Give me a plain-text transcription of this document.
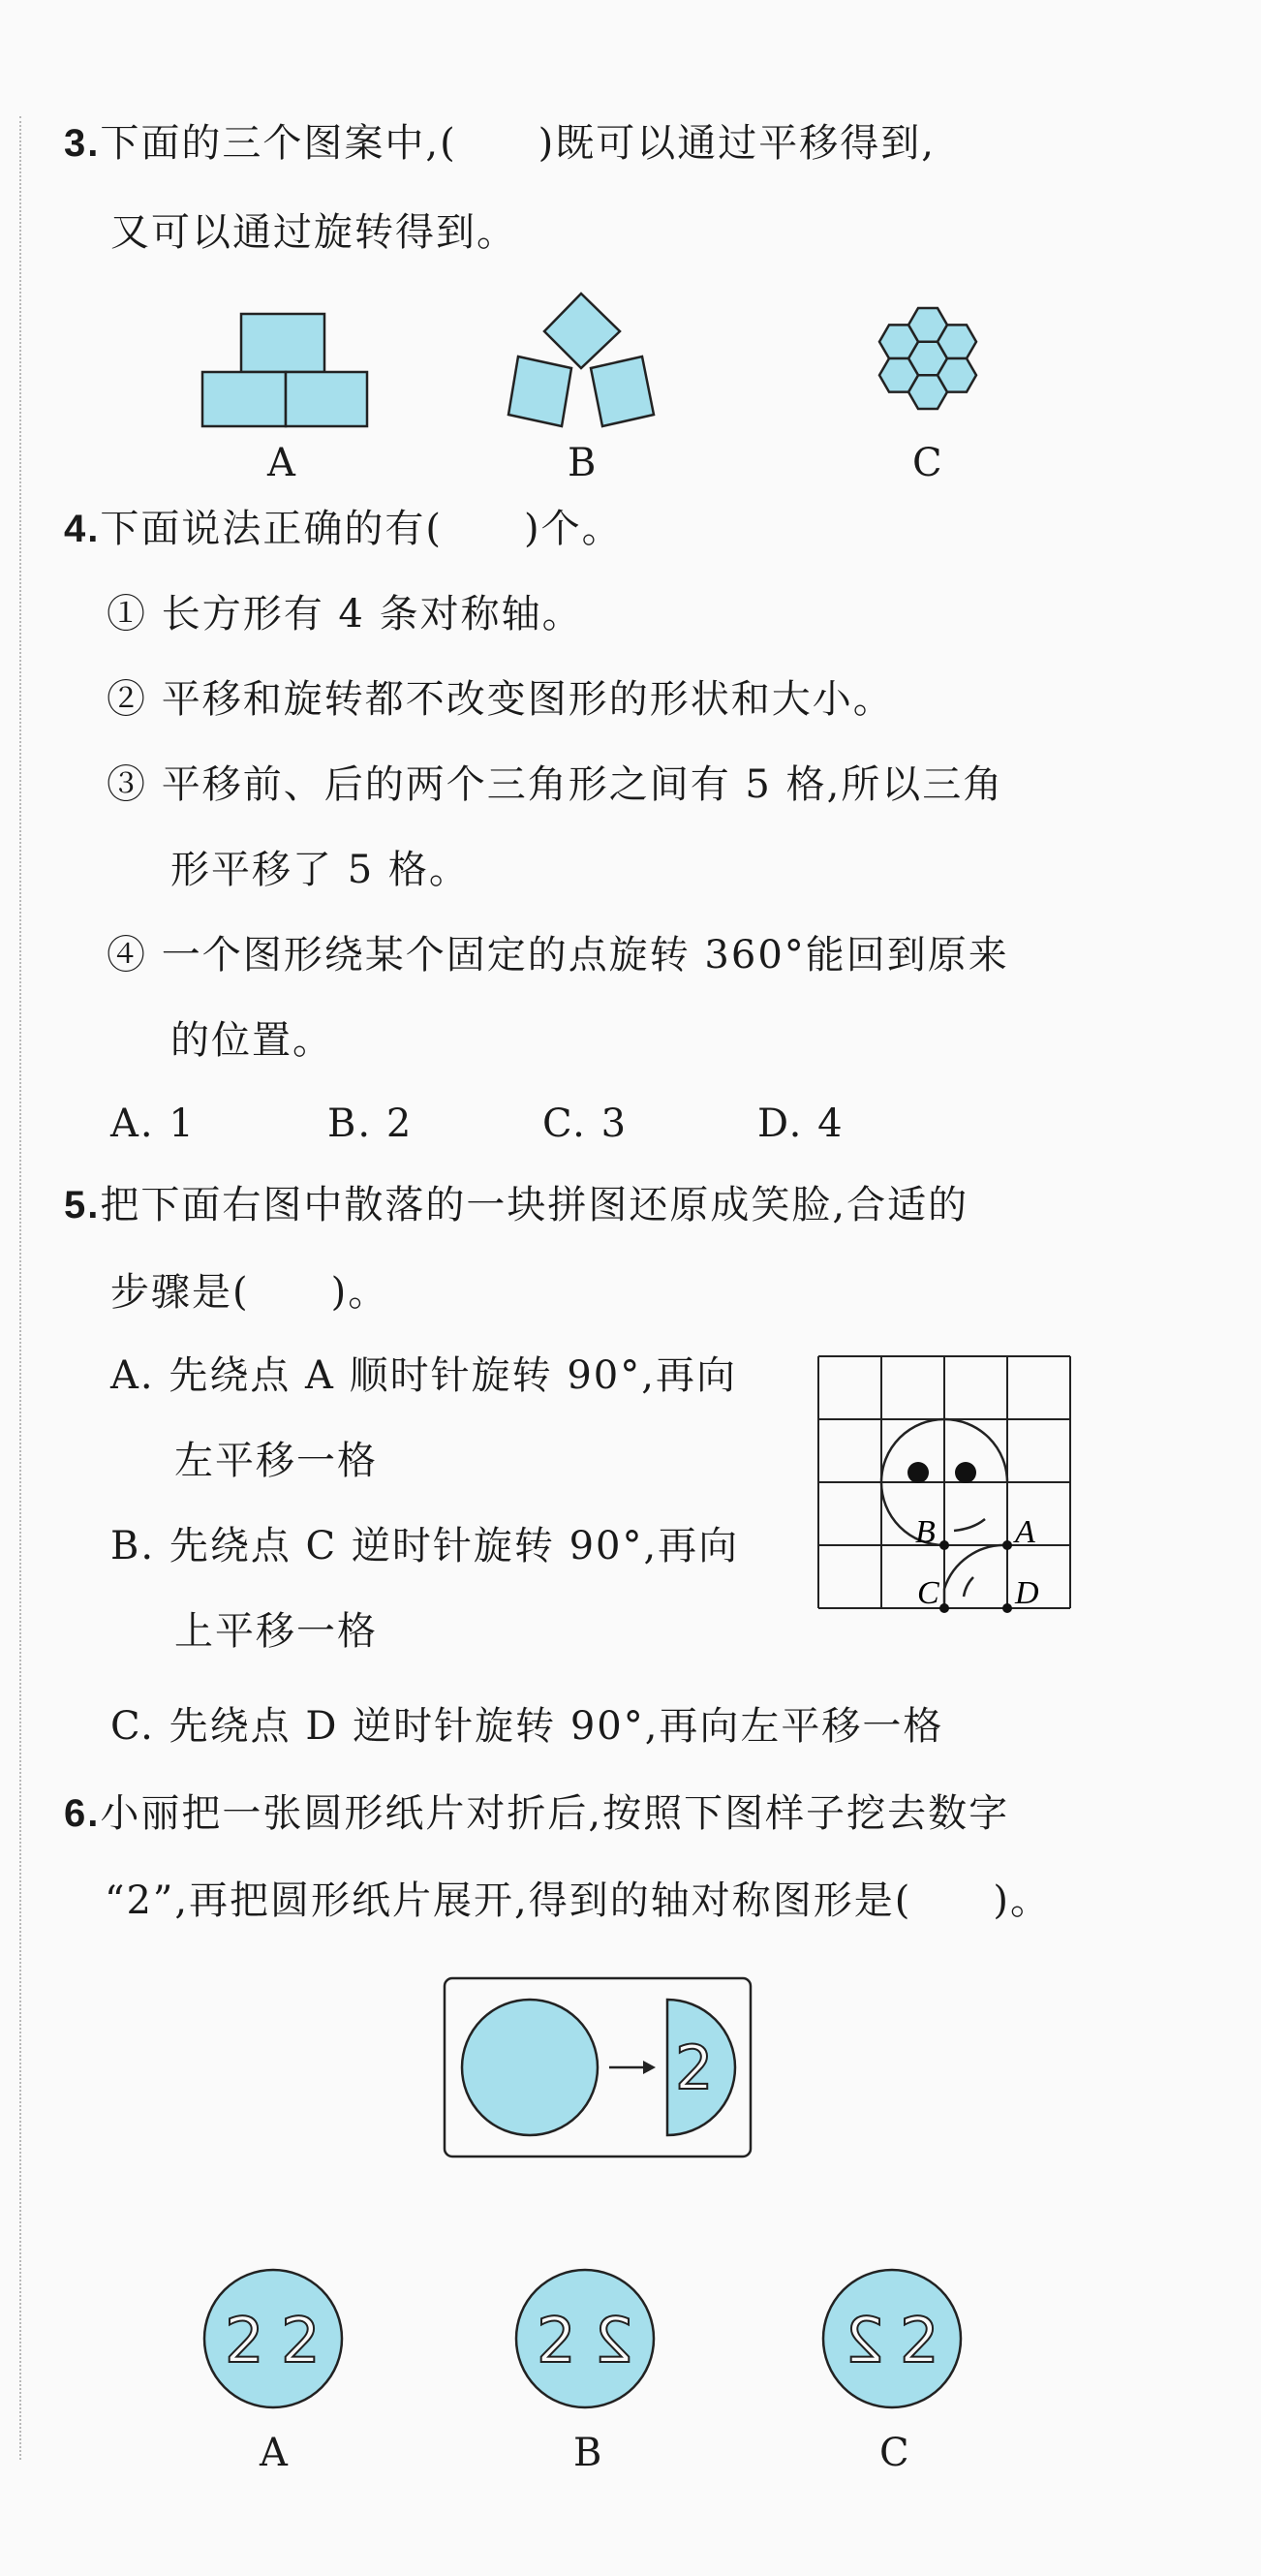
3.下面的三个图案中,(　　)既可以通过平移得到,
又可以通过旋转得到。
A	B	C
4.下面说法正确的有(　　)个。
① 长方形有 4 条对称轴。
② 平移和旋转都不改变图形的形状和大小。
③ 平移前、后的两个三角形之间有 5 格,所以三角
形平移了 5 格。
④ 一个图形绕某个固定的点旋转 360°能回到原来
的位置。
A. 1	B. 2	C. 3	D. 4
5.把下面右图中散落的一块拼图还原成笑脸,合适的
步骤是(　　)。
A. 先绕点 A 顺时针旋转 90°,再向
左平移一格
B. 先绕点 C 逆时针旋转 90°,再向
上平移一格
C. 先绕点 D 逆时针旋转 90°,再向左平移一格
B A
C D
6.小丽把一张圆形纸片对折后,按照下图样子挖去数字
“2”,再把圆形纸片展开,得到的轴对称图形是(　　)。
2
2 2	2 2	2 2
A	B	C
